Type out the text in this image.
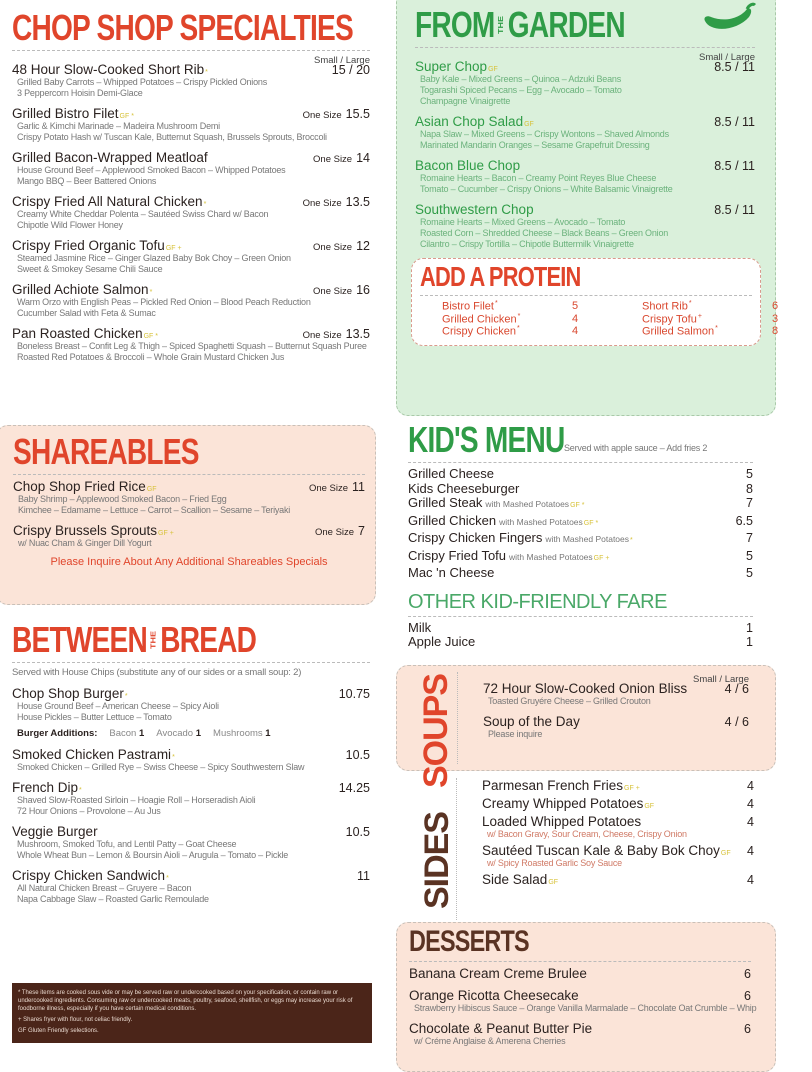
CHOP SHOP SPECIALTIES
Small / Large
48 Hour Slow-Cooked Short Rib *	15 / 20
Grilled Baby Carrots – Whipped Potatoes – Crispy Pickled Onions
3 Peppercorn Hoisin Demi-Glace
Grilled Bistro Filet GF *	One Size 15.5
Garlic & Kimchi Marinade – Madeira Mushroom Demi
Crispy Potato Hash w/ Tuscan Kale, Butternut Squash, Brussels Sprouts, Broccoli
Grilled Bacon-Wrapped Meatloaf	One Size 14
House Ground Beef – Applewood Smoked Bacon – Whipped Potatoes
Mango BBQ – Beer Battered Onions
Crispy Fried All Natural Chicken *	One Size 13.5
Creamy White Cheddar Polenta – Sautéed Swiss Chard w/ Bacon
Chipotle Wild Flower Honey
Crispy Fried Organic Tofu GF +	One Size 12
Steamed Jasmine Rice – Ginger Glazed Baby Bok Choy – Green Onion
Sweet & Smokey Sesame Chili Sauce
Grilled Achiote Salmon *	One Size 16
Warm Orzo with English Peas – Pickled Red Onion – Blood Peach Reduction
Cucumber Salad with Feta & Sumac
Pan Roasted Chicken GF *	One Size 13.5
Boneless Breast – Confit Leg & Thigh – Spiced Spaghetti Squash – Butternut Squash Puree
Roasted Red Potatoes & Broccoli – Whole Grain Mustard Chicken Jus
SHAREABLES
Chop Shop Fried Rice GF	One Size 11
Baby Shrimp – Applewood Smoked Bacon – Fried Egg
Kimchee – Edamame – Lettuce – Carrot – Scallion – Sesame – Teriyaki
Crispy Brussels Sprouts GF +	One Size 7
w/ Nuac Cham & Ginger Dill Yogurt
Please Inquire About Any Additional Shareables Specials
BETWEEN THE BREAD
Served with House Chips (substitute any of our sides or a small soup: 2)
Chop Shop Burger *	10.75
House Ground Beef – American Cheese – Spicy Aioli
House Pickles – Butter Lettuce – Tomato
Burger Additions: Bacon 1 Avocado 1 Mushrooms 1
Smoked Chicken Pastrami *	10.5
Smoked Chicken – Grilled Rye – Swiss Cheese – Spicy Southwestern Slaw
French Dip *	14.25
Shaved Slow-Roasted Sirloin – Hoagie Roll – Horseradish Aioli
72 Hour Onions – Provolone – Au Jus
Veggie Burger	10.5
Mushroom, Smoked Tofu, and Lentil Patty – Goat Cheese
Whole Wheat Bun – Lemon & Boursin Aioli – Arugula – Tomato – Pickle
Crispy Chicken Sandwich *	11
All Natural Chicken Breast – Gruyere – Bacon
Napa Cabbage Slaw – Roasted Garlic Remoulade
* These items are cooked sous vide or may be served raw or undercooked based on your specification, or contain raw or undercooked ingredients. Consuming raw or undercooked meats, poultry, seafood, shellfish, or eggs may increase your risk of foodborne illness, especially if you have certain medical conditions.
+ Shares fryer with flour, not celiac friendly.
GF Gluten Friendly selections.
FROM THE GARDEN
Small / Large
Super Chop GF	8.5 / 11
Baby Kale – Mixed Greens – Quinoa – Adzuki Beans
Togarashi Spiced Pecans – Egg – Avocado – Tomato
Champagne Vinaigrette
Asian Chop Salad GF	8.5 / 11
Napa Slaw – Mixed Greens – Crispy Wontons – Shaved Almonds
Marinated Mandarin Oranges – Sesame Grapefruit Dressing
Bacon Blue Chop	8.5 / 11
Romaine Hearts – Bacon – Creamy Point Reyes Blue Cheese
Tomato – Cucumber – Crispy Onions – White Balsamic Vinaigrette
Southwestern Chop	8.5 / 11
Romaine Hearts – Mixed Greens – Avocado – Tomato
Roasted Corn – Shredded Cheese – Black Beans – Green Onion
Cilantro – Crispy Tortilla – Chipotle Buttermilk Vinaigrette
ADD A PROTEIN
Bistro Filet*	5	Short Rib*	6
Grilled Chicken*	4	Crispy Tofu+	3
Crispy Chicken*	4	Grilled Salmon*	8
KID'S MENU Served with apple sauce – Add fries 2
Grilled Cheese	5
Kids Cheeseburger	8
Grilled Steak with Mashed Potatoes GF *	7
Grilled Chicken with Mashed Potatoes GF *	6.5
Crispy Chicken Fingers with Mashed Potatoes *	7
Crispy Fried Tofu with Mashed Potatoes GF +	5
Mac 'n Cheese	5
OTHER KID-FRIENDLY FARE
Milk	1
Apple Juice	1
SOUPS	Small / Large
72 Hour Slow-Cooked Onion Bliss	4 / 6
Toasted Gruyére Cheese – Grilled Crouton
Soup of the Day	4 / 6
Please inquire
SIDES
Parmesan French Fries GF +	4
Creamy Whipped Potatoes GF	4
Loaded Whipped Potatoes	4
w/ Bacon Gravy, Sour Cream, Cheese, Crispy Onion
Sautéed Tuscan Kale & Baby Bok Choy GF 4
w/ Spicy Roasted Garlic Soy Sauce
Side Salad GF	4
DESSERTS
Banana Cream Creme Brulee	6
Orange Ricotta Cheesecake	6
Strawberry Hibiscus Sauce – Orange Vanilla Marmalade – Chocolate Oat Crumble – Whip
Chocolate & Peanut Butter Pie	6
w/ Créme Anglaise & Amerena Cherries
